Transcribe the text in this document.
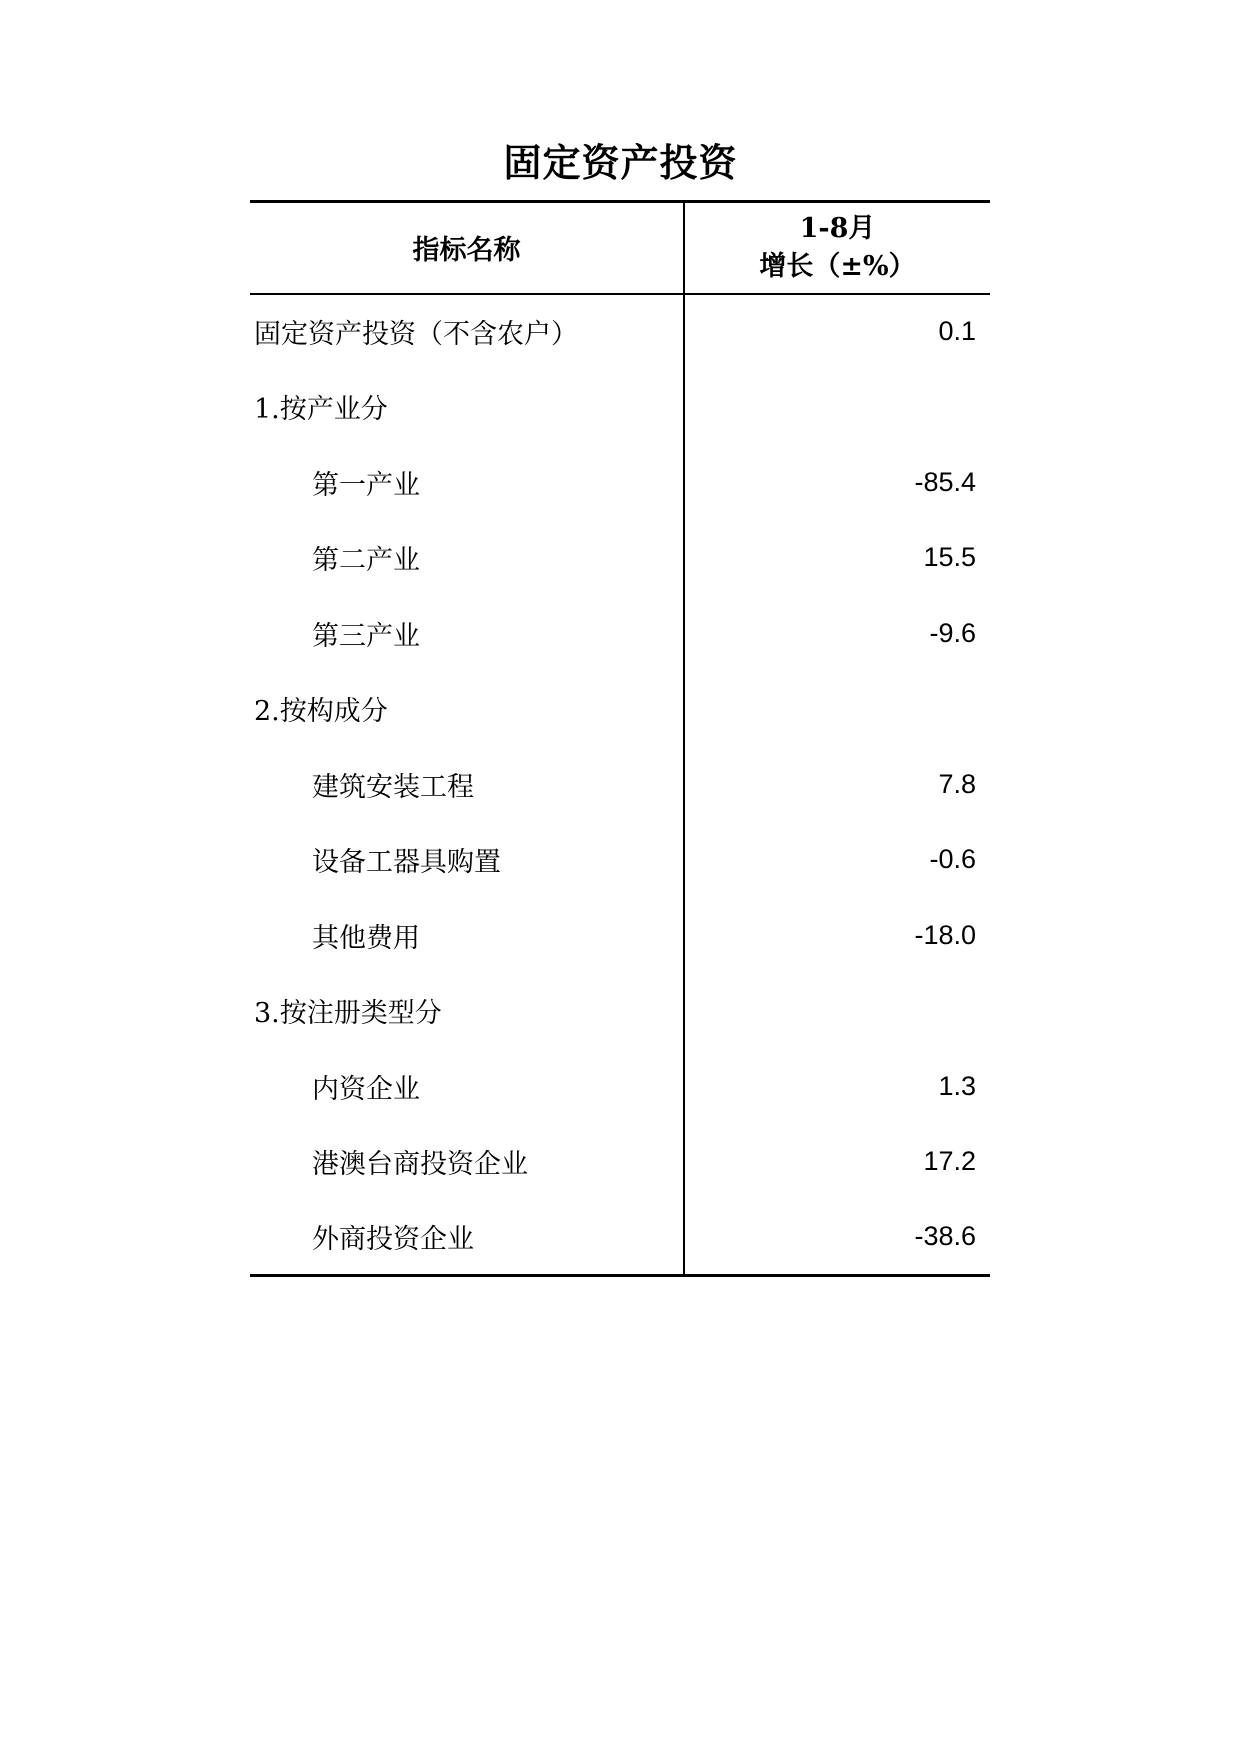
固定资产投资
指标名称	1-8月
增长（±%）

固定资产投资（不含农户）	0.1
1.按产业分	
第一产业	-85.4
第二产业	15.5
第三产业	-9.6
2.按构成分	
建筑安装工程	7.8
设备工器具购置	-0.6
其他费用	-18.0
3.按注册类型分	
内资企业	1.3
港澳台商投资企业	17.2
外商投资企业	-38.6
